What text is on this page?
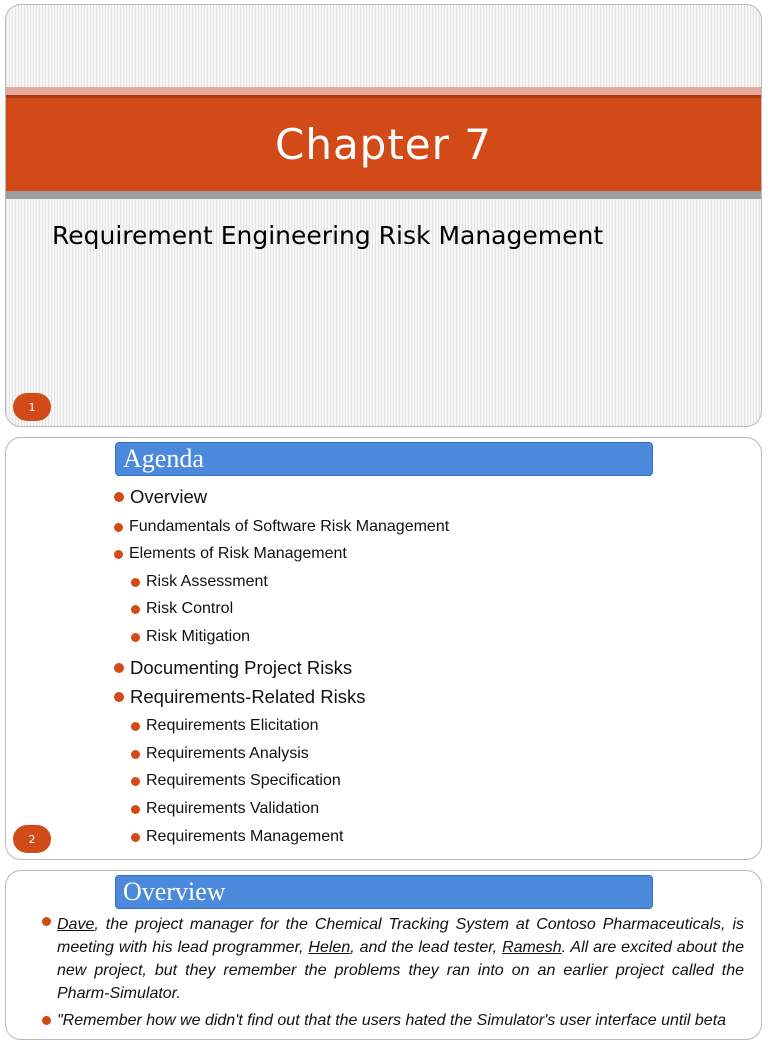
Chapter 7
Requirement Engineering Risk Management
1
Agenda
Overview
Fundamentals of Software Risk Management
Elements of Risk Management
Risk Assessment
Risk Control
Risk Mitigation
Documenting Project Risks
Requirements-Related Risks
Requirements Elicitation
Requirements Analysis
Requirements Specification
Requirements Validation
Requirements Management
2
Overview
Dave, the project manager for the Chemical Tracking System at Contoso Pharmaceuticals, is meeting with his lead programmer, Helen, and the lead tester, Ramesh. All are excited about the new project, but they remember the problems they ran into on an earlier project called the Pharm-Simulator.
"Remember how we didn't find out that the users hated the Simulator's user interface until beta
